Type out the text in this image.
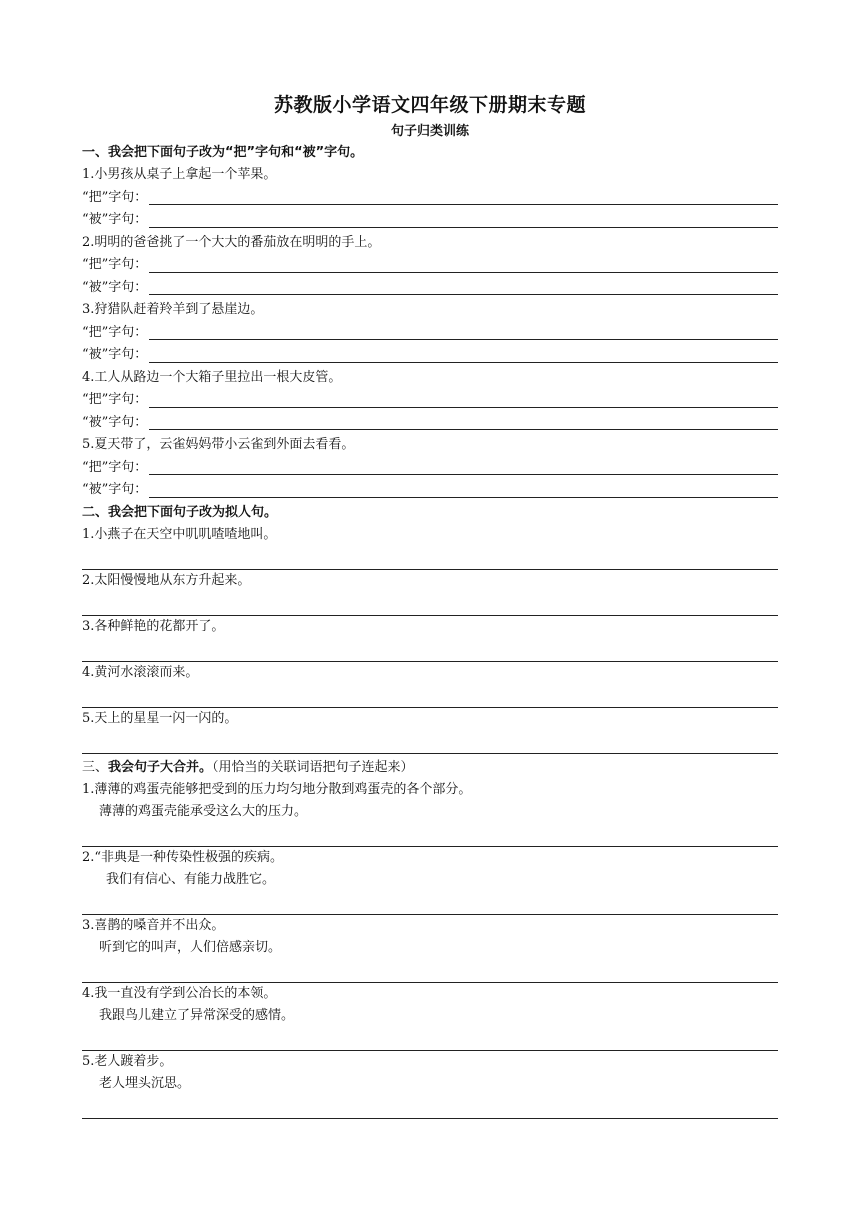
苏教版小学语文四年级下册期末专题
句子归类训练
一、我会把下面句子改为“把”字句和“被”字句。
1.小男孩从桌子上拿起一个苹果。
“把”字句：
“被”字句：
2.明明的爸爸挑了一个大大的番茄放在明明的手上。
“把”字句：
“被”字句：
3.狩猎队赶着羚羊到了悬崖边。
“把”字句：
“被”字句：
4.工人从路边一个大箱子里拉出一根大皮管。
“把”字句：
“被”字句：
5.夏天带了，云雀妈妈带小云雀到外面去看看。
“把”字句：
“被”字句：
二、我会把下面句子改为拟人句。
1.小燕子在天空中叽叽喳喳地叫。
2.太阳慢慢地从东方升起来。
3.各种鲜艳的花都开了。
4.黄河水滚滚而来。
5.天上的星星一闪一闪的。
三、我会句子大合并。（用恰当的关联词语把句子连起来）
1.薄薄的鸡蛋壳能够把受到的压力均匀地分散到鸡蛋壳的各个部分。
薄薄的鸡蛋壳能承受这么大的压力。
2.“非典是一种传染性极强的疾病。
我们有信心、有能力战胜它。
3.喜鹊的嗓音并不出众。
听到它的叫声，人们倍感亲切。
4.我一直没有学到公冶长的本领。
我跟鸟儿建立了异常深受的感情。
5.老人踱着步。
老人埋头沉思。
